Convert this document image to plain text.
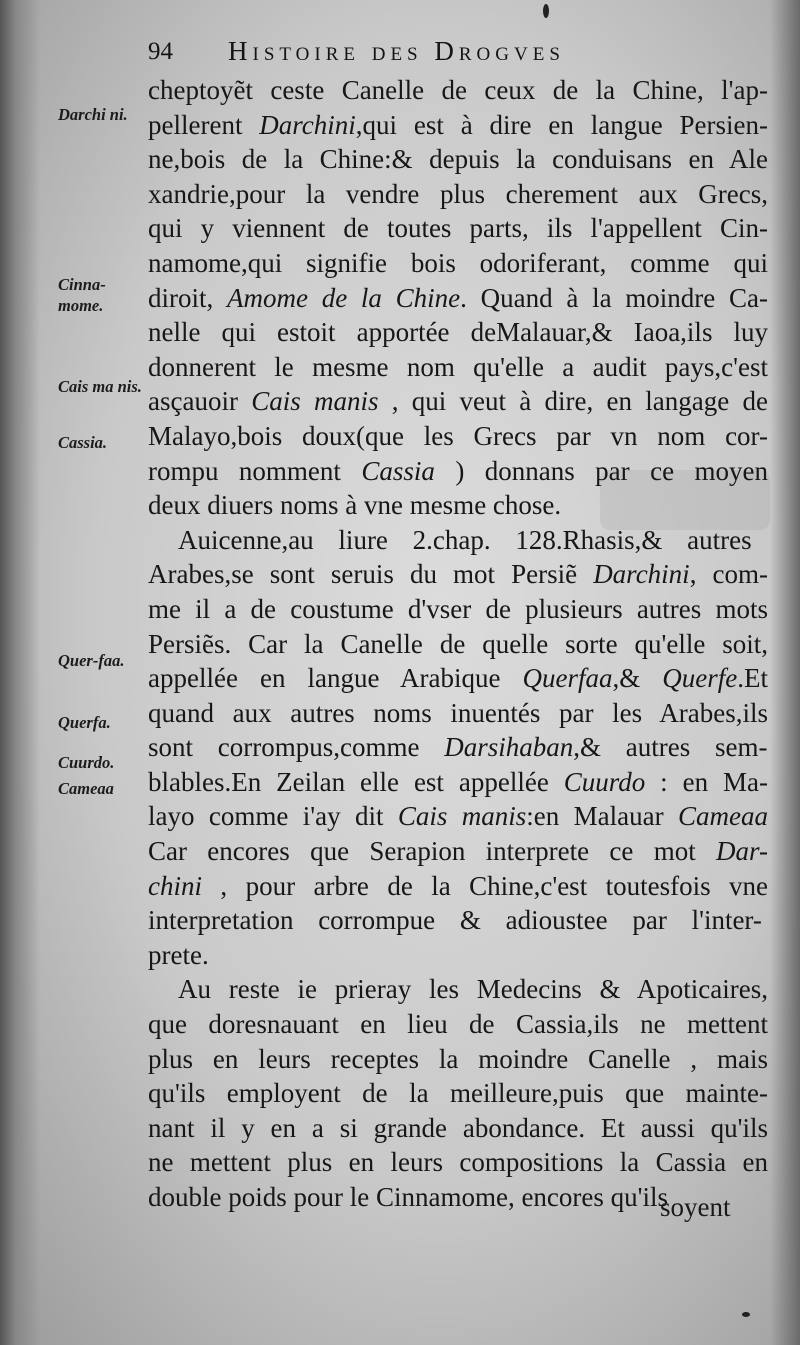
94 Histoire des Drogves
Darchi ni.
Cinna-mome.
Cais ma nis.
Cassia.
Quer-faa.
Querfa.
Cuurdo.
Cameaa
cheptoyẽt ceste Canelle de ceux de la Chine, l'ap-
pellerent Darchini ,qui est à dire en langue Persien-
ne,bois de la Chine:& depuis la conduisans en Ale
xandrie,pour la vendre plus cherement aux Grecs,
qui y viennent de toutes parts, ils l'appellent Cin-
namome,qui signifie bois odoriferant, comme qui
diroit, Amome de la Chine . Quand à la moindre Ca-
nelle qui estoit apportée deMalauar,& Iaoa,ils luy
donnerent le mesme nom qu'elle a audit pays,c'est
asçauoir Cais manis , qui veut à dire, en langage de
Malayo,bois doux(que les Grecs par vn nom cor-
rompu nomment Cassia ) donnans par ce moyen
deux diuers noms à vne mesme chose.
Auicenne,au liure 2.chap. 128.Rhasis,& autres
Arabes,se sont seruis du mot Persiẽ Darchini , com-
me il a de coustume d'vser de plusieurs autres mots
Persiẽs. Car la Canelle de quelle sorte qu'elle soit,
appellée en langue Arabique Querfaa ,& Querfe .Et
quand aux autres noms inuentés par les Arabes,ils
sont corrompus,comme Darsihaban ,& autres sem-
blables.En Zeilan elle est appellée Cuurdo : en Ma-
layo comme i'ay dit Cais manis :en Malauar Cameaa
Car encores que Serapion interprete ce mot Dar-
chini , pour arbre de la Chine,c'est toutesfois vne
interpretation corrompue & adioustee par l'inter-
prete.
Au reste ie prieray les Medecins & Apoticaires,
que doresnauant en lieu de Cassia,ils ne mettent
plus en leurs receptes la moindre Canelle , mais
qu'ils employent de la meilleure,puis que mainte-
nant il y en a si grande abondance. Et aussi qu'ils
ne mettent plus en leurs compositions la Cassia en
double poids pour le Cinnamome, encores qu'ils
soyent
